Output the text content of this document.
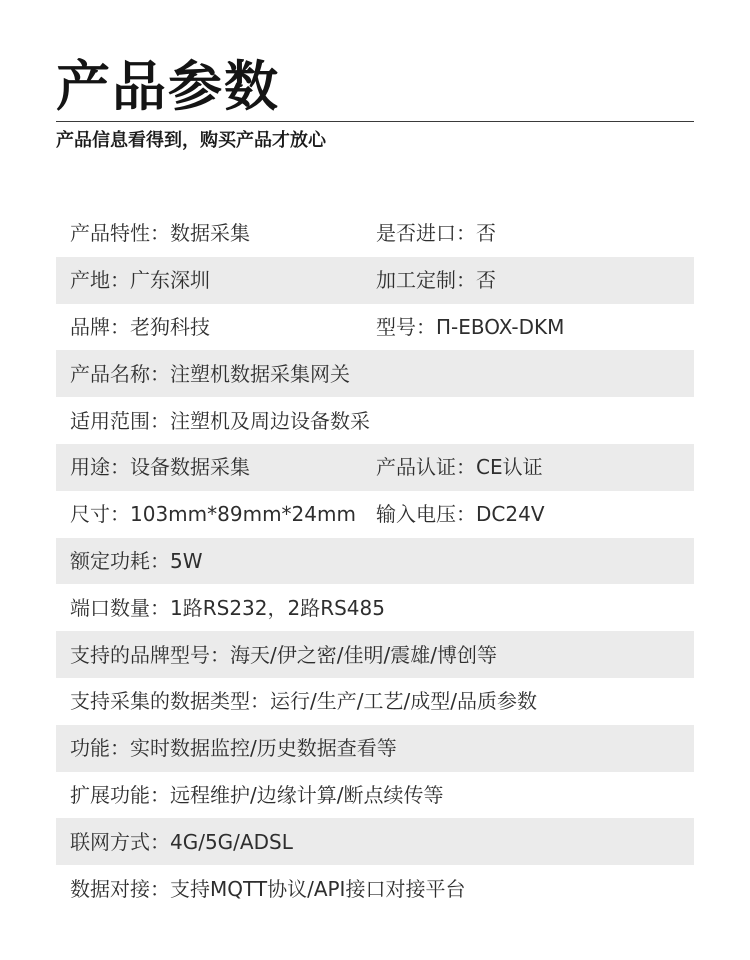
产品参数

产品信息看得到，购买产品才放心

产品特性：数据采集	是否进口：否
产地：广东深圳	加工定制：否
品牌：老狗科技	型号：Π-EBOX-DKM
产品名称：注塑机数据采集网关
适用范围：注塑机及周边设备数采
用途：设备数据采集	产品认证：CE认证
尺寸：103mm*89mm*24mm	输入电压：DC24V
额定功耗：5W
端口数量：1路RS232，2路RS485
支持的品牌型号：海天/伊之密/佳明/震雄/博创等
支持采集的数据类型：运行/生产/工艺/成型/品质参数
功能：实时数据监控/历史数据查看等
扩展功能：远程维护/边缘计算/断点续传等
联网方式：4G/5G/ADSL
数据对接：支持MQTT协议/API接口对接平台
